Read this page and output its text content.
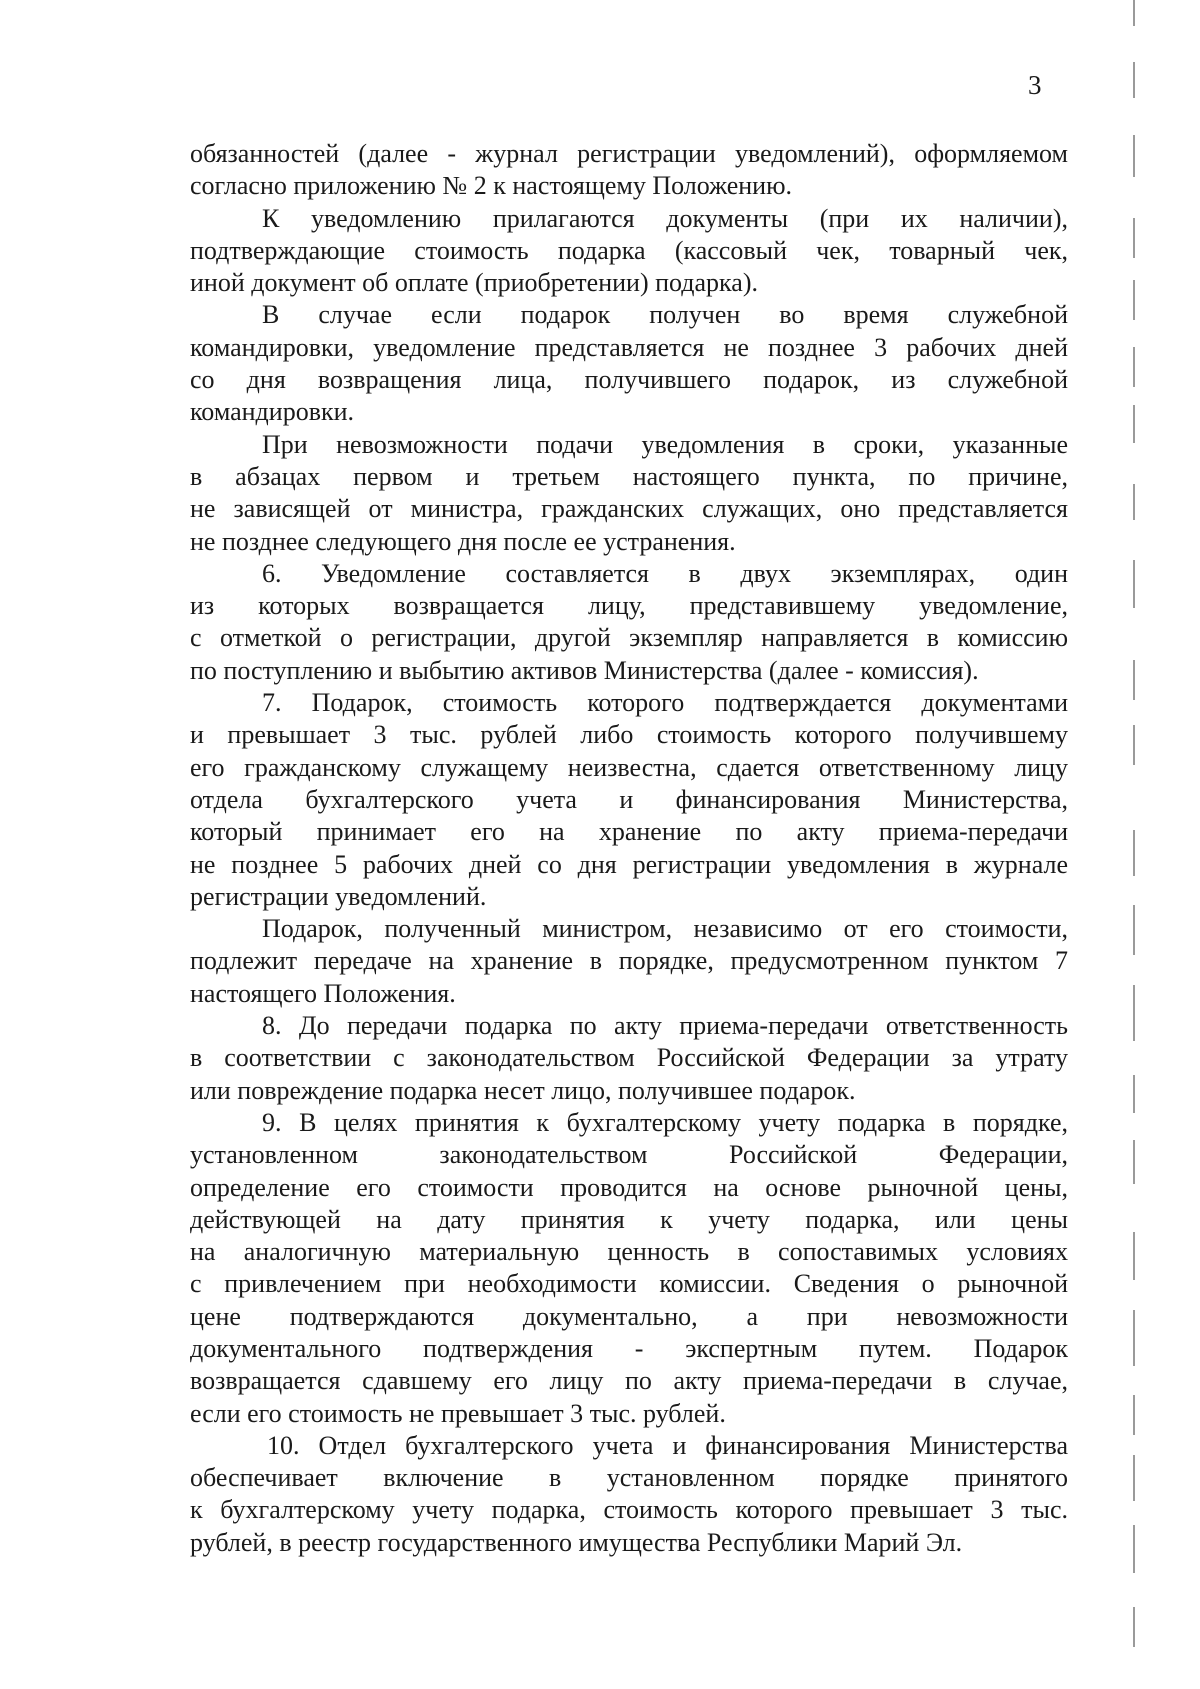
3
обязанностей (далее - журнал регистрации уведомлений), оформляемом
согласно приложению № 2 к настоящему Положению.
К уведомлению прилагаются документы (при их наличии),
подтверждающие стоимость подарка (кассовый чек, товарный чек,
иной документ об оплате (приобретении) подарка).
В случае если подарок получен во время служебной
командировки, уведомление представляется не позднее 3 рабочих дней
со дня возвращения лица, получившего подарок, из служебной
командировки.
При невозможности подачи уведомления в сроки, указанные
в абзацах первом и третьем настоящего пункта, по причине,
не зависящей от министра, гражданских служащих, оно представляется
не позднее следующего дня после ее устранения.
6. Уведомление составляется в двух экземплярах, один
из которых возвращается лицу, представившему уведомление,
с отметкой о регистрации, другой экземпляр направляется в комиссию
по поступлению и выбытию активов Министерства (далее - комиссия).
7. Подарок, стоимость которого подтверждается документами
и превышает 3 тыс. рублей либо стоимость которого получившему
его гражданскому служащему неизвестна, сдается ответственному лицу
отдела бухгалтерского учета и финансирования Министерства,
который принимает его на хранение по акту приема-передачи
не позднее 5 рабочих дней со дня регистрации уведомления в журнале
регистрации уведомлений.
Подарок, полученный министром, независимо от его стоимости,
подлежит передаче на хранение в порядке, предусмотренном пунктом 7
настоящего Положения.
8. До передачи подарка по акту приема-передачи ответственность
в соответствии с законодательством Российской Федерации за утрату
или повреждение подарка несет лицо, получившее подарок.
9. В целях принятия к бухгалтерскому учету подарка в порядке,
установленном законодательством Российской Федерации,
определение его стоимости проводится на основе рыночной цены,
действующей на дату принятия к учету подарка, или цены
на аналогичную материальную ценность в сопоставимых условиях
с привлечением при необходимости комиссии. Сведения о рыночной
цене подтверждаются документально, а при невозможности
документального подтверждения - экспертным путем. Подарок
возвращается сдавшему его лицу по акту приема-передачи в случае,
если его стоимость не превышает 3 тыс. рублей.
10. Отдел бухгалтерского учета и финансирования Министерства
обеспечивает включение в установленном порядке принятого
к бухгалтерскому учету подарка, стоимость которого превышает 3 тыс.
рублей, в реестр государственного имущества Республики Марий Эл.
